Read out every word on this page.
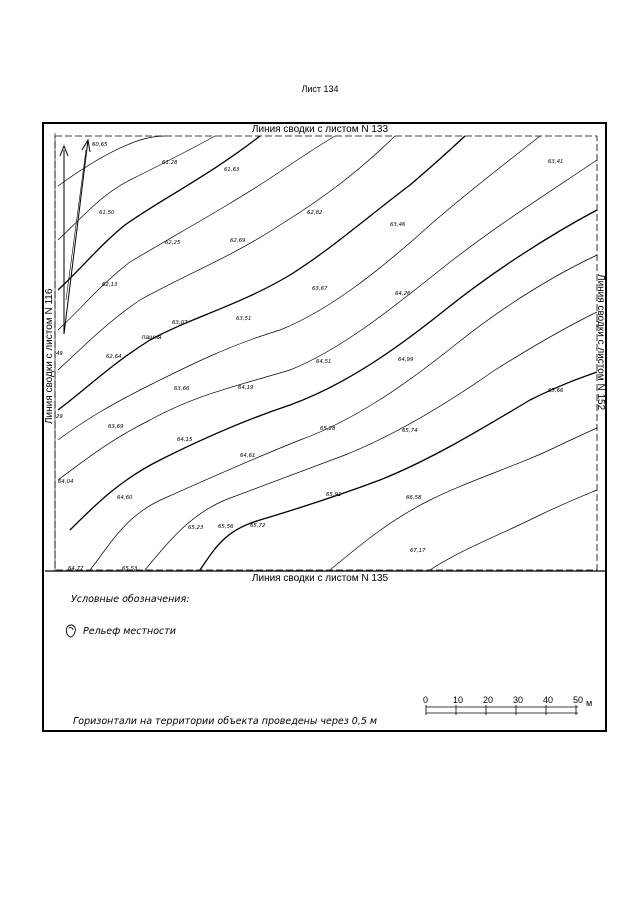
Лист 134
60,65
61,28
61,63
63,41
61,50
62,25	62,69
62,82
63,46
62,13
63,07
63,51
63,67
64,26
49	62,64
64,51	64,99
63,66	64,19	65,66
29
63,69
64,15
65,28	65,74
64,61
64,04
64,60	65,91	66,58
65,23	65,56	65,72
67,17
64,77	65,53
пашня
Линия сводки с листом N 133
Линия сводки с листом N 135
Линия сводки с листом N 116	Линия сводки с листом N 152
Условные обозначения:
Рельеф местности
Горизонтали на территории объекта проведены через 0,5 м
0	10 20 30 40 50 м
